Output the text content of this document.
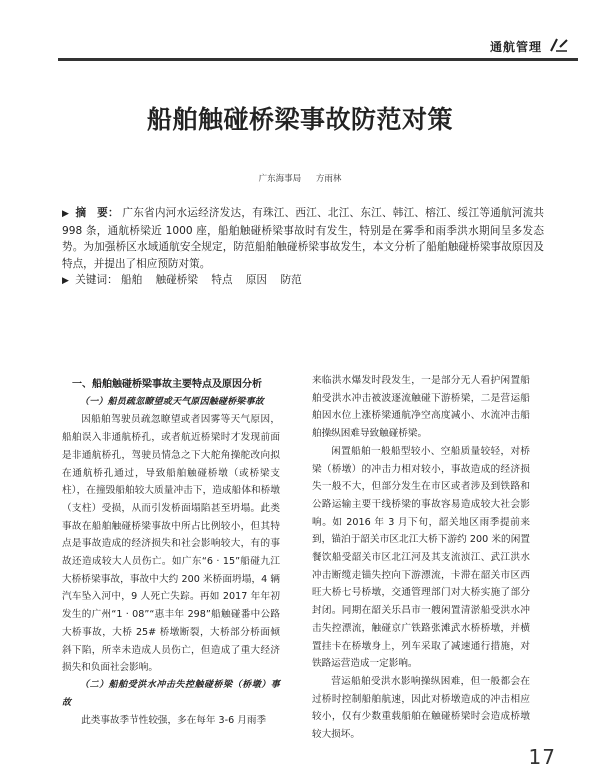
通航管理
船舶触碰桥梁事故防范对策
广东海事局 方雨林

▶ 摘　要： 广东省内河水运经济发达，有珠江、西江、北江、东江、韩江、榕江、绥江等通航河流共 998 条，通航桥梁近 1000 座，船舶触碰桥梁事故时有发生，特别是在雾季和雨季洪水期间呈多发态势。为加强桥区水域通航安全规定，防范船舶触碰桥梁事故发生，本文分析了船舶触碰桥梁事故原因及特点，并提出了相应预防对策。

▶ 关键词： 船舶 触碰桥梁 特点 原因 防范

一、船舶触碰桥梁事故主要特点及原因分析
（一）船员疏忽瞭望或天气原因触碰桥梁事故

因船舶驾驶员疏忽瞭望或者因雾等天气原因，船舶误入非通航桥孔，或者航近桥梁时才发现前面是非通航桥孔，驾驶员情急之下大舵角操舵改向拟在通航桥孔通过，导致船舶触碰桥墩（或桥梁支柱），在撞毁船舶较大质量冲击下，造成船体和桥墩（支柱）受损，从而引发桥面塌陷甚至坍塌。此类事故在船舶触碰桥梁事故中所占比例较小，但其特点是事故造成的经济损失和社会影响较大，有的事故还造成较大人员伤亡。如广东“6 · 15”船碰九江大桥桥梁事故，事故中大约 200 米桥面坍塌，4 辆汽车坠入河中，9 人死亡失踪。再如 2017 年年初发生的广州“1 · 08”“惠丰年 298”船触碰番中公路大桥事故，大桥 25# 桥墩断裂，大桥部分桥面倾斜下陷，所幸未造成人员伤亡，但造成了重大经济损失和负面社会影响。

（二）船舶受洪水冲击失控触碰桥梁（桥墩）事故

此类事故季节性较强，多在每年 3-6 月雨季

来临洪水爆发时段发生，一是部分无人看护闲置船舶受洪水冲击被波逐流触碰下游桥梁，二是营运船舶因水位上涨桥梁通航净空高度减小、水流冲击船舶操纵困难导致触碰桥梁。

闲置船舶一般船型较小、空船质量较轻，对桥梁（桥墩）的冲击力相对较小，事故造成的经济损失一般不大，但部分发生在市区或者涉及到铁路和公路运输主要干线桥梁的事故容易造成较大社会影响。如 2016 年 3 月下旬，韶关地区雨季提前来到，锚泊于韶关市区北江大桥下游约 200 米的闲置餐饮船受韶关市区北江河及其支流浈江、武江洪水冲击断缆走锚失控向下游漂流，卡滞在韶关市区西旺大桥七号桥墩，交通管理部门对大桥实施了部分封闭。同期在韶关乐昌市一艘闲置清淤船受洪水冲击失控漂流，触碰京广铁路张滩武水桥桥墩，并横置挂卡在桥墩身上，列车采取了减速通行措施，对铁路运营造成一定影响。

营运船舶受洪水影响操纵困难，但一般都会在过桥时控制船舶航速，因此对桥墩造成的冲击相应较小，仅有少数重载船舶在触碰桥梁时会造成桥墩较大损坏。

17
